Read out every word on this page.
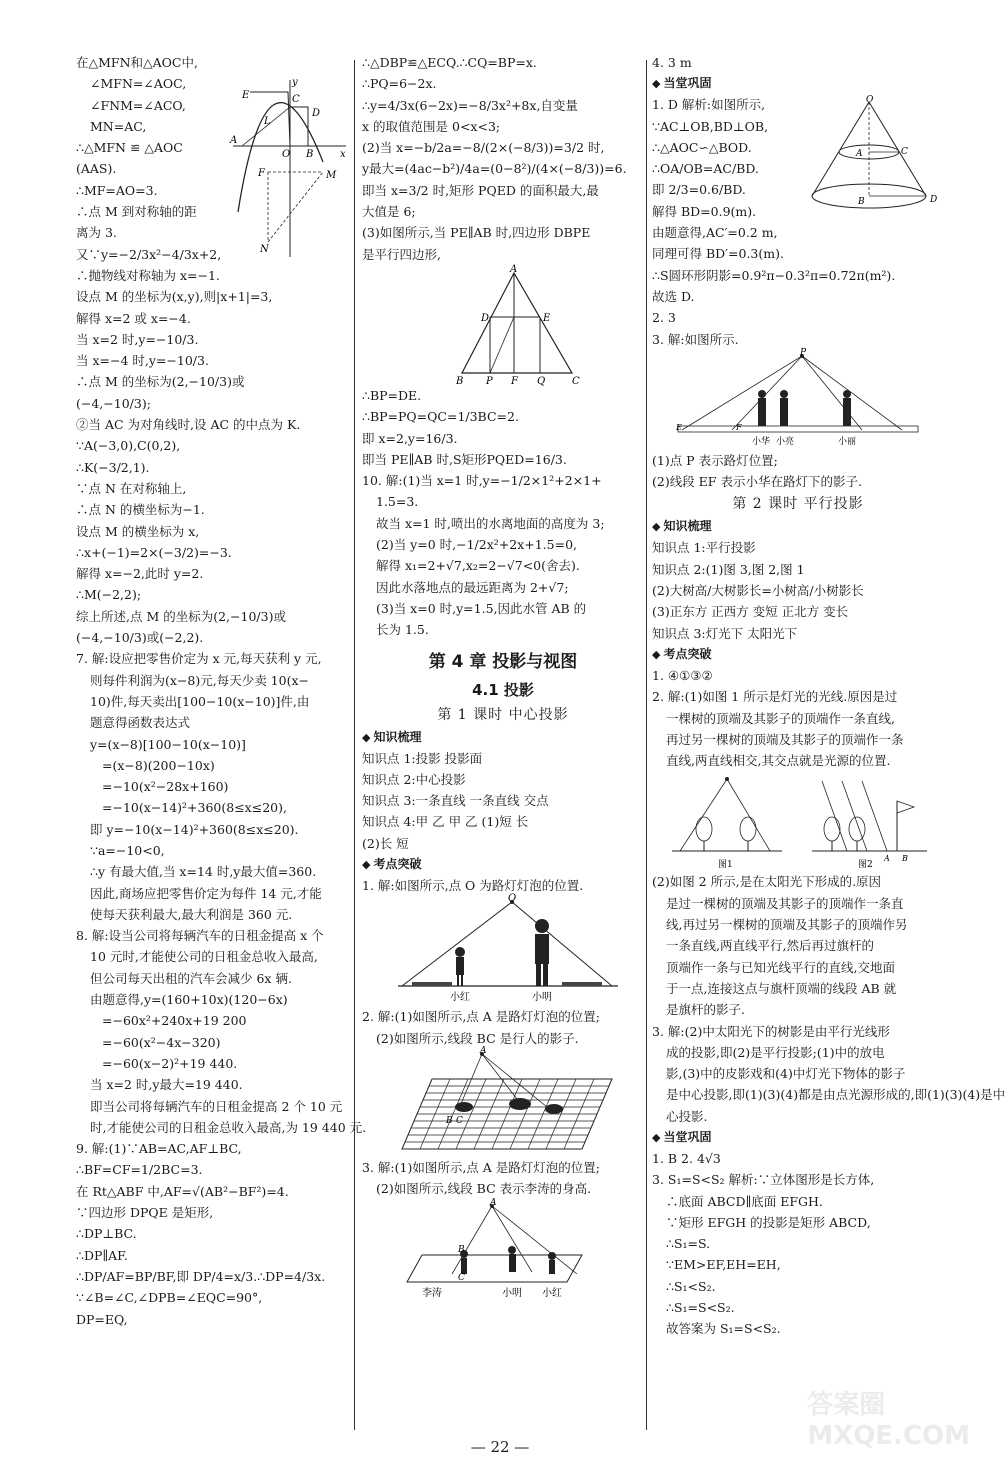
y
E	C
D
A
L
O B	x
F	M
N
在△MFN和△AOC中,
∠MFN=∠AOC,
∠FNM=∠ACO,
MN=AC,
∴△MFN ≌ △AOC
(AAS).
∴MF=AO=3.
∴点 M 到对称轴的距
离为 3.
又∵y=−2/3x²−4/3x+2,
∴抛物线对称轴为 x=−1.
设点 M 的坐标为(x,y),则|x+1|=3,
解得 x=2 或 x=−4.
当 x=2 时,y=−10/3.
当 x=−4 时,y=−10/3.
∴点 M 的坐标为(2,−10/3)或
(−4,−10/3);
②当 AC 为对角线时,设 AC 的中点为 K.
∵A(−3,0),C(0,2),
∴K(−3/2,1).
∵点 N 在对称轴上,
∴点 N 的横坐标为−1.
设点 M 的横坐标为 x,
∴x+(−1)=2×(−3/2)=−3.
解得 x=−2,此时 y=2.
∴M(−2,2);
综上所述,点 M 的坐标为(2,−10/3)或
(−4,−10/3)或(−2,2).
7. 解:设应把零售价定为 x 元,每天获利 y 元,
则每件利润为(x−8)元,每天少卖 10(x−
10)件,每天卖出[100−10(x−10)]件,由
题意得函数表达式
y=(x−8)[100−10(x−10)]
=(x−8)(200−10x)
=−10(x²−28x+160)
=−10(x−14)²+360(8≤x≤20),
即 y=−10(x−14)²+360(8≤x≤20).
∵a=−10<0,
∴y 有最大值,当 x=14 时,y最大值=360.
因此,商场应把零售价定为每件 14 元,才能
使每天获利最大,最大利润是 360 元.
8. 解:设当公司将每辆汽车的日租金提高 x 个
10 元时,才能使公司的日租金总收入最高,
但公司每天出租的汽车会减少 6x 辆.
由题意得,y=(160+10x)(120−6x)
=−60x²+240x+19 200
=−60(x²−4x−320)
=−60(x−2)²+19 440.
当 x=2 时,y最大=19 440.
即当公司将每辆汽车的日租金提高 2 个 10 元
时,才能使公司的日租金总收入最高,为 19 440 元.
9. 解:(1)∵AB=AC,AF⊥BC,
∴BF=CF=1/2BC=3.
在 Rt△ABF 中,AF=√(AB²−BF²)=4.
∵四边形 DPQE 是矩形,
∴DP⊥BC.
∴DP∥AF.
∴DP/AF=BP/BF,即 DP/4=x/3.∴DP=4/3x.
∵∠B=∠C,∠DPB=∠EQC=90°,
DP=EQ,
∴△DBP≌△ECQ.∴CQ=BP=x.
∴PQ=6−2x.
∴y=4/3x(6−2x)=−8/3x²+8x,自变量
x 的取值范围是 0<x<3;
(2)当 x=−b/2a=−8/(2×(−8/3))=3/2 时,
y最大=(4ac−b²)/4a=(0−8²)/(4×(−8/3))=6.
即当 x=3/2 时,矩形 PQED 的面积最大,最
大值是 6;
(3)如图所示,当 PE∥AB 时,四边形 DBPE
是平行四边形,
A
D	E
B P F Q	C
∴BP=DE.
∴BP=PQ=QC=1/3BC=2.
即 x=2,y=16/3.
即当 PE∥AB 时,S矩形PQED=16/3.
10. 解:(1)当 x=1 时,y=−1/2×1²+2×1+
1.5=3.
故当 x=1 时,喷出的水离地面的高度为 3;
(2)当 y=0 时,−1/2x²+2x+1.5=0,
解得 x₁=2+√7,x₂=2−√7<0(舍去).
因此水落地点的最远距离为 2+√7;
(3)当 x=0 时,y=1.5,因此水管 AB 的
长为 1.5.
第 4 章 投影与视图
4.1 投影
第 1 课时 中心投影
◆ 知识梳理
知识点 1:投影 投影面
知识点 2:中心投影
知识点 3:一条直线 一条直线 交点
知识点 4:甲 乙 甲 乙 (1)短 长
(2)长 短
◆ 考点突破
1. 解:如图所示,点 O 为路灯灯泡的位置.
O
小红	小明
2. 解:(1)如图所示,点 A 是路灯灯泡的位置;
(2)如图所示,线段 BC 是行人的影子.
A
B C
3. 解:(1)如图所示,点 A 是路灯灯泡的位置;
(2)如图所示,线段 BC 表示李涛的身高.
A
B
C
李涛	小明 小红
O
A	C
B	D
4. 3 m
◆ 当堂巩固
1. D 解析:如图所示,
∵AC⊥OB,BD⊥OB,
∴△AOC∽△BOD.
∴OA/OB=AC/BD.
即 2/3=0.6/BD.
解得 BD=0.9(m).
由题意得,AC′=0.2 m,
同理可得 BD′=0.3(m).
∴S圆环形阴影=0.9²π−0.3²π=0.72π(m²).
故选 D.
2. 3
3. 解:如图所示.
P
E	F
小华 小亮	小丽
(1)点 P 表示路灯位置;
(2)线段 EF 表示小华在路灯下的影子.
第 2 课时 平行投影
◆ 知识梳理
知识点 1:平行投影
知识点 2:(1)图 3,图 2,图 1
(2)大树高/大树影长=小树高/小树影长
(3)正东方 正西方 变短 正北方 变长
知识点 3:灯光下 太阳光下
◆ 考点突破
1. ④①③②
2. 解:(1)如图 1 所示是灯光的光线.原因是过
一棵树的顶端及其影子的顶端作一条直线,
再过另一棵树的顶端及其影子的顶端作一条
直线,两直线相交,其交点就是光源的位置.
图1
A B
图2
(2)如图 2 所示,是在太阳光下形成的.原因
是过一棵树的顶端及其影子的顶端作一条直
线,再过另一棵树的顶端及其影子的顶端作另
一条直线,两直线平行,然后再过旗杆的
顶端作一条与已知光线平行的直线,交地面
于一点,连接这点与旗杆顶端的线段 AB 就
是旗杆的影子.
3. 解:(2)中太阳光下的树影是由平行光线形
成的投影,即(2)是平行投影;(1)中的放电
影,(3)中的皮影戏和(4)中灯光下物体的影子
是中心投影,即(1)(3)(4)都是由点光源形成的,即(1)(3)(4)是中
心投影.
◆ 当堂巩固
1. B 2. 4√3
3. S₁=S<S₂ 解析:∵立体图形是长方体,
∴底面 ABCD∥底面 EFGH.
∵矩形 EFGH 的投影是矩形 ABCD,
∴S₁=S.
∵EM>EF,EH=EH,
∴S₁<S₂.
∴S₁=S<S₂.
故答案为 S₁=S<S₂.
— 22 —
答案圈 MXQE.COM
